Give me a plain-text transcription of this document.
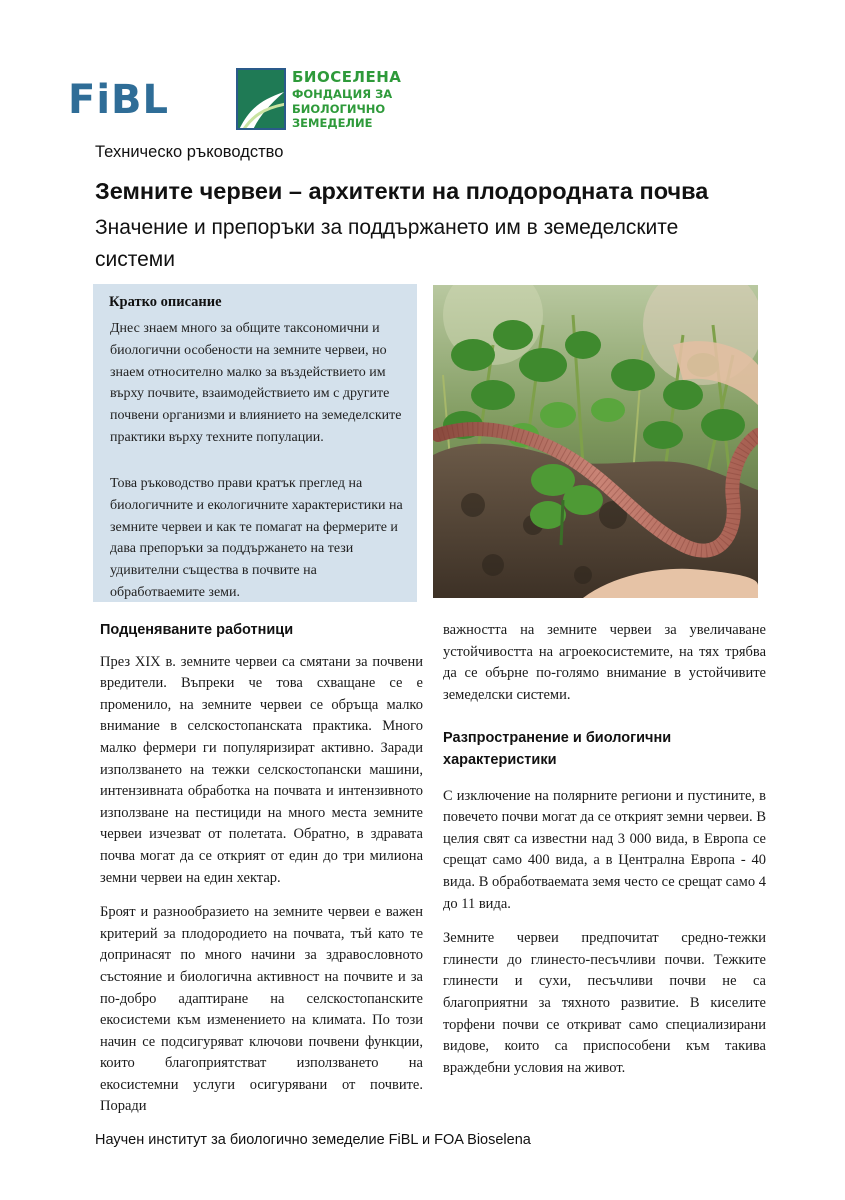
FiBL	БИОСЕЛЕНА
ФОНДАЦИЯ ЗА БИОЛОГИЧНО ЗЕМЕДЕЛИЕ
Техническо ръководство
Земните червеи – архитекти на плодородната почва
Значение и препоръки за поддържането им в земеделските системи
Кратко описание

Днес знаем много за общите таксономични и биологични особености на земните червеи, но знаем относително малко за въздействието им върху почвите, взаимодействието им с другите почвени организми и влиянието на земеделските практики върху техните популации.

Това ръководство прави кратък преглед на биологичните и екологичните характеристики на земните червеи и как те помагат на фермерите и дава препоръки за поддържането на тези удивителни същества в почвите на обработваемите земи.

Подценяваните работници

През XIX в. земните червеи са смятани за почвени вредители. Въпреки че това схващане се е променило, на земните червеи се обръща малко внимание в селскостопанската практика. Много малко фермери ги популяризират активно. Заради използването на тежки селскостопански машини, интензивната обработка на почвата и интензивното използване на пестициди на много места земните червеи изчезват от полетата. Обратно, в здравата почва могат да се открият от един до три милиона земни червеи на един хектар.

Броят и разнообразието на земните червеи е важен критерий за плодородието на почвата, тъй като те допринасят по много начини за здравословното състояние и биологична активност на почвите и за по-добро адаптиране на селскостопанските екосистеми към изменението на климата. По този начин се подсигуряват ключови почвени функции, които благоприятстват използването на екосистемни услуги осигурявани от почвите. Поради

важността на земните червеи за увеличаване устойчивостта на агроекосистемите, на тях трябва да се обърне по-голямо внимание в устойчивите земеделски системи.

Разпространение и биологични характеристики

С изключение на полярните региони и пустините, в повечето почви могат да се открият земни червеи. В целия свят са известни над 3 000 вида, в Европа се срещат само 400 вида, а в Централна Европа - 40 вида. В обработваемата земя често се срещат само 4 до 11 вида.

Земните червеи предпочитат средно-тежки глинести до глинесто-песъчливи почви. Тежките глинести и сухи, песъчливи почви не са благоприятни за тяхното развитие. В киселите торфени почви се откриват само специализирани видове, които са приспособени към такива враждебни условия на живот.

Научен институт за биологично земеделие FiBL и FOA Bioselena
